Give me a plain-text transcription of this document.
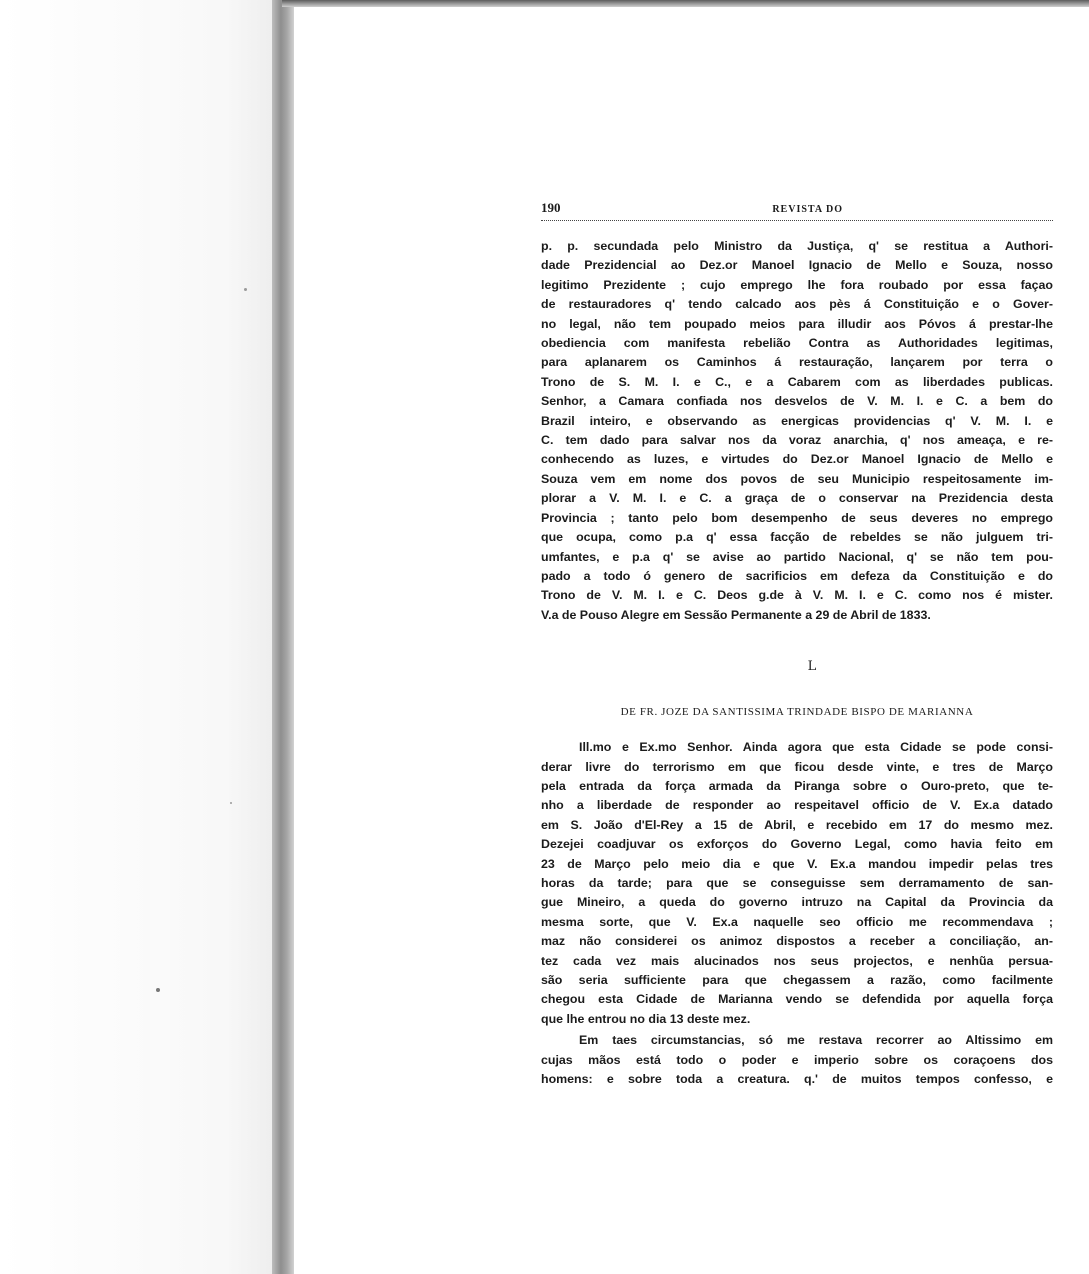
190	REVISTA DO
p. p. secundada pelo Ministro da Justiça, q' se restitua a Authori-
dade Prezidencial ao Dez.or Manoel Ignacio de Mello e Souza, nosso
legitimo Prezidente ; cujo emprego lhe fora roubado por essa façao
de restauradores q' tendo calcado aos pès á Constituição e o Gover-
no legal, não tem poupado meios para illudir aos Póvos á prestar-lhe
obediencia com manifesta rebelião Contra as Authoridades legitimas,
para aplanarem os Caminhos á restauração, lançarem por terra o
Trono de S. M. I. e C., e a Cabarem com as liberdades publicas.
Senhor, a Camara confiada nos desvelos de V. M. I. e C. a bem do
Brazil inteiro, e observando as energicas providencias q' V. M. I. e
C. tem dado para salvar nos da voraz anarchia, q' nos ameaça, e re-
conhecendo as luzes, e virtudes do Dez.or Manoel Ignacio de Mello e
Souza vem em nome dos povos de seu Municipio respeitosamente im-
plorar a V. M. I. e C. a graça de o conservar na Prezidencia desta
Provincia ; tanto pelo bom desempenho de seus deveres no emprego
que ocupa, como p.a q' essa facção de rebeldes se não julguem tri-
umfantes, e p.a q' se avise ao partido Nacional, q' se não tem pou-
pado a todo ó genero de sacrificios em defeza da Constituição e do
Trono de V. M. I. e C. Deos g.de à V. M. I. e C. como nos é mister.
V.a de Pouso Alegre em Sessão Permanente a 29 de Abril de 1833.
L
DE FR. JOZE DA SANTISSIMA TRINDADE BISPO DE MARIANNA
Ill.mo e Ex.mo Senhor. Ainda agora que esta Cidade se pode consi-
derar livre do terrorismo em que ficou desde vinte, e tres de Março
pela entrada da força armada da Piranga sobre o Ouro-preto, que te-
nho a liberdade de responder ao respeitavel officio de V. Ex.a datado
em S. João d'El-Rey a 15 de Abril, e recebido em 17 do mesmo mez.
Dezejei coadjuvar os exforços do Governo Legal, como havia feito em
23 de Março pelo meio dia e que V. Ex.a mandou impedir pelas tres
horas da tarde; para que se conseguisse sem derramamento de san-
gue Mineiro, a queda do governo intruzo na Capital da Provincia da
mesma sorte, que V. Ex.a naquelle seo officio me recommendava ;
maz não considerei os animoz dispostos a receber a conciliação, an-
tez cada vez mais alucinados nos seus projectos, e nenhũa persua-
são seria sufficiente para que chegassem a razão, como facilmente
chegou esta Cidade de Marianna vendo se defendida por aquella força
que lhe entrou no dia 13 deste mez.
Em taes circumstancias, só me restava recorrer ao Altissimo em
cujas mãos está todo o poder e imperio sobre os coraçoens dos
homens: e sobre toda a creatura. q.' de muitos tempos confesso, e
